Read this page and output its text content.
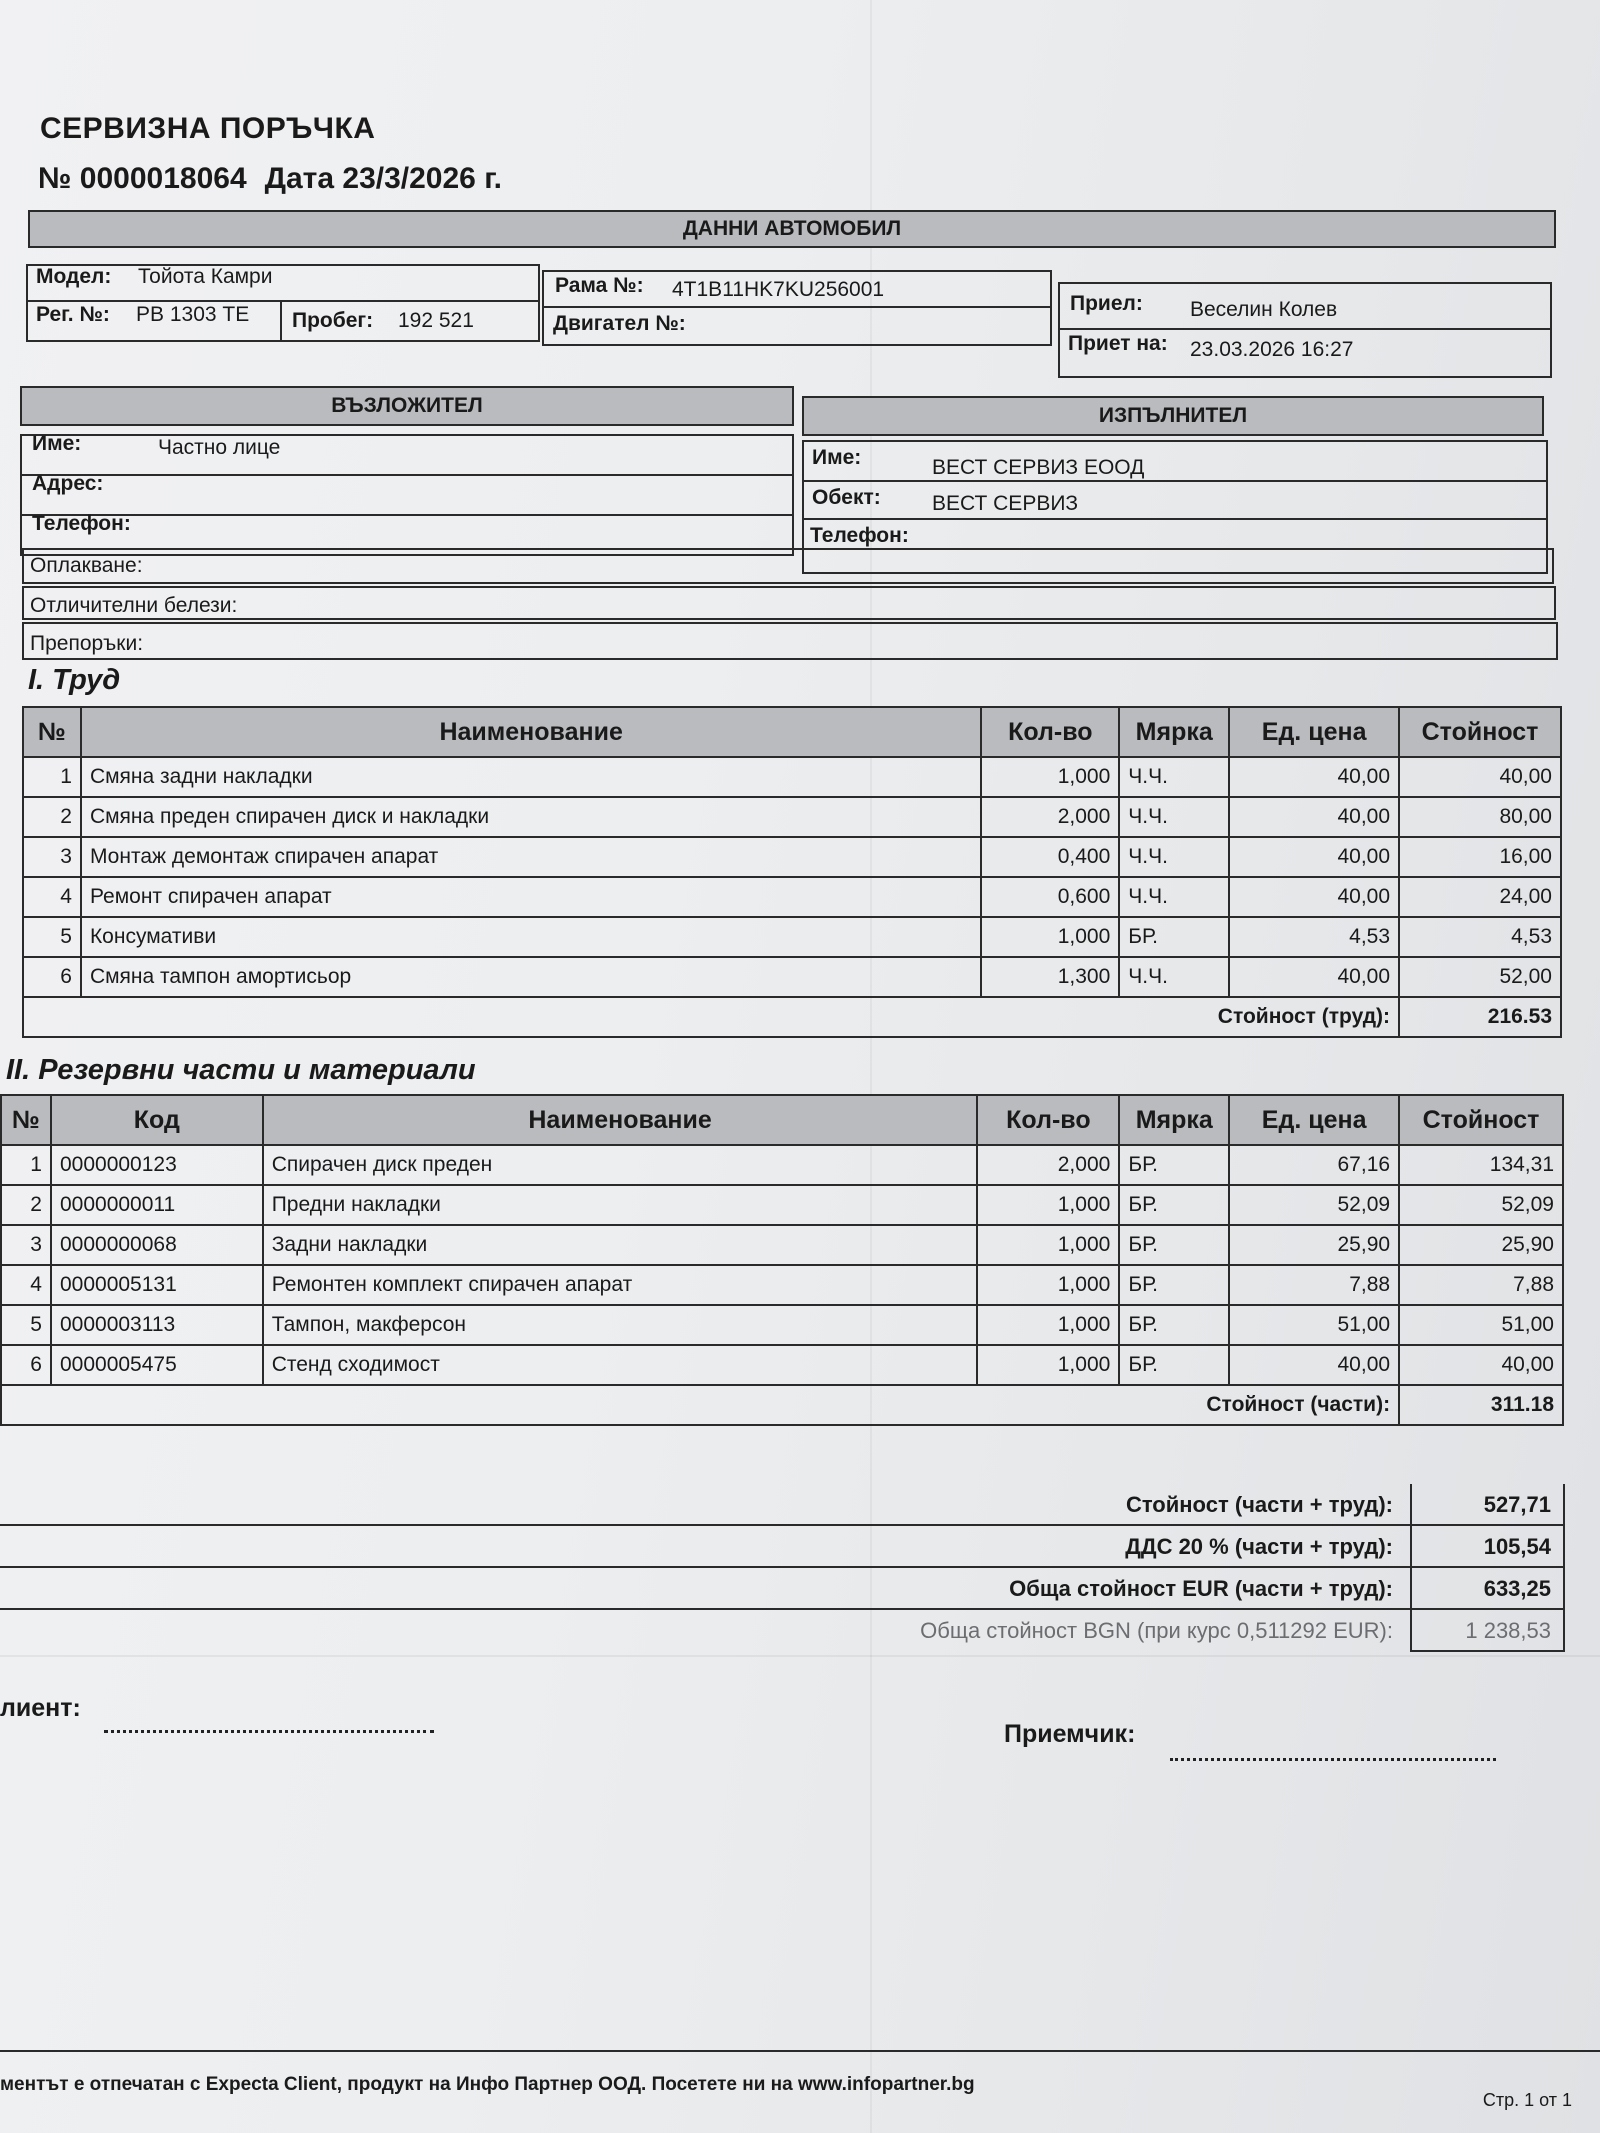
СЕРВИЗНА ПОРЪЧКА
№ 0000018064 Дата 23/3/2026 г.
ДАННИ АВТОМОБИЛ
Модел: Тойота Камри
Рег. №: РВ 1303 ТЕ Пробег: 192 521
Рама №: 4T1B11HK7KU256001
Двигател №:
Приел: Веселин Колев
Приет на: 23.03.2026 16:27
ВЪЗЛОЖИТЕЛ
Име:	Частно лице
Адрес:
Телефон:
ИЗПЪЛНИТЕЛ
Име:	ВЕСТ СЕРВИЗ ЕООД
Обект: ВЕСТ СЕРВИЗ
Телефон:
Оплакване:
Отличителни белези:
Препоръки:
I. Труд
№	Наименование	Кол-во	Мярка	Ед. цена	Стойност
1	Смяна задни накладки	1,000	Ч.Ч.	40,00	40,00
2	Смяна преден спирачен диск и накладки	2,000	Ч.Ч.	40,00	80,00
3	Монтаж демонтаж спирачен апарат	0,400	Ч.Ч.	40,00	16,00
4	Ремонт спирачен апарат	0,600	Ч.Ч.	40,00	24,00
5	Консумативи	1,000	БР.	4,53	4,53
6	Смяна тампон амортисьор	1,300	Ч.Ч.	40,00	52,00
Стойност (труд):					216.53
II. Резервни части и материали
№	Код	Наименование	Кол-во	Мярка	Ед. цена	Стойност
1	0000000123	Спирачен диск преден	2,000	БР.	67,16	134,31
2	0000000011	Предни накладки	1,000	БР.	52,09	52,09
3	0000000068	Задни накладки	1,000	БР.	25,90	25,90
4	0000005131	Ремонтен комплект спирачен апарат	1,000	БР.	7,88	7,88
5	0000003113	Тампон, макферсон	1,000	БР.	51,00	51,00
6	0000005475	Стенд сходимост	1,000	БР.	40,00	40,00
Стойност (части):						311.18
Стойност (части + труд):	527,71
ДДС 20 % (части + труд):	105,54
Обща стойност EUR (части + труд):	633,25
Обща стойност BGN (при курс 0,511292 EUR):	1 238,53
лиент:
Приемчик:
ментът е отпечатан с Expecta Client, продукт на Инфо Партнер ООД. Посетете ни на www.infopartner.bg
Стр. 1 от 1
